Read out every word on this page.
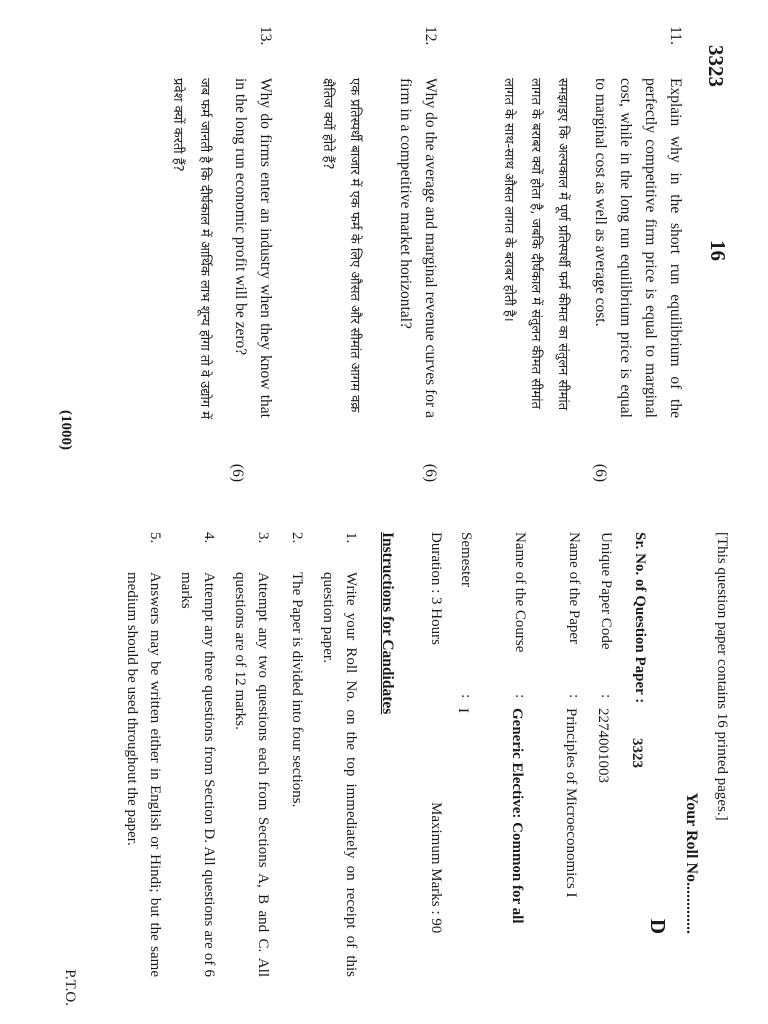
3323
16
11.
Explain why in the short run equilibrium of the perfectly competitive firm price is equal to marginal cost, while in the long run equilibrium price is equal to marginal cost as well as average cost.
(6)
समझाइए कि अल्पकाल में पूर्ण प्रतिस्पर्धी फर्म कीमत का संतुलन सीमांत लागत के बराबर क्यों होता है, जबकि दीर्घकाल में संतुलन कीमत सीमांत लागत के साथ-साथ औसत लागत के बराबर होती है।
12.
Why do the average and marginal revenue curves for a firm in a competitive market horizontal?
(6)
एक प्रतिस्पर्धी बाजार में एक फर्म के लिए औसत और सीमांत आगम वक्र क्षैतिज क्यों होते हैं?
13.
Why do firms enter an industry when they know that in the long run economic profit will be zero?
(6)
जब फर्म जानती है कि दीर्घकाल में आर्थिक लाभ शून्य होगा तो वे उद्योग में प्रवेश क्यों करती हैं?
(1000)
[This question paper contains 16 printed pages.]
Your Roll No.............
D
Sr. No. of Question Paper :
3323
Unique Paper Code
:
2274001003
Name of the Paper
:
Principles of Microeconomics I
Name of the Course
:
Generic Elective: Common for all
Semester
:
I
Duration : 3 Hours
Maximum Marks : 90
Instructions for Candidates
1.
Write your Roll No. on the top immediately on receipt of this question paper.
2.
The Paper is divided into four sections.
3.
Attempt any two questions each from Sections A, B and C. All questions are of 12 marks.
4.
Attempt any three questions from Section D. All questions are of 6 marks
5.
Answers may be written either in English or Hindi; but the same medium should be used throughout the paper.
P.T.O.
